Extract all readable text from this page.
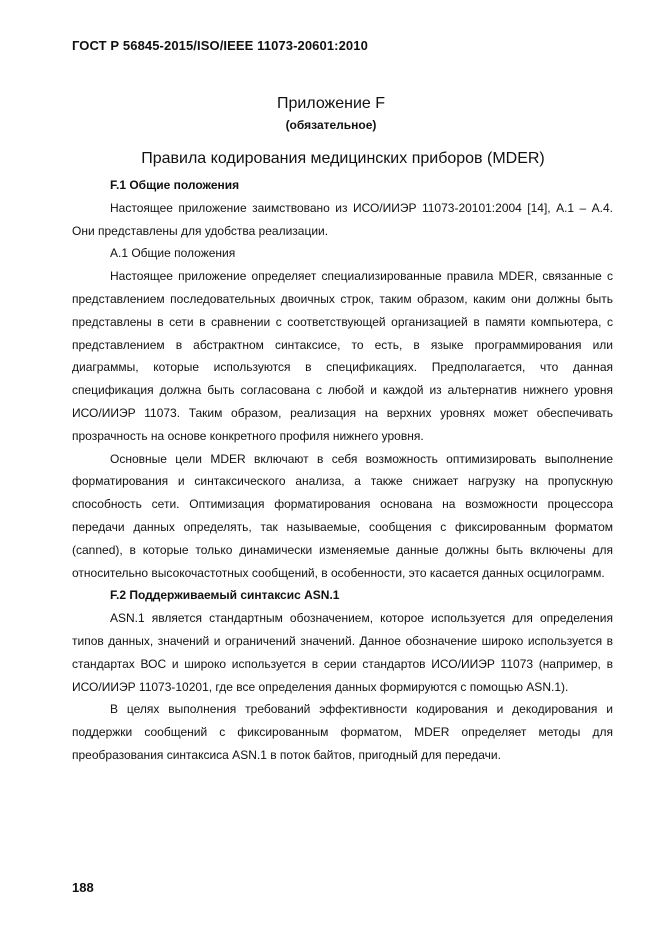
ГОСТ Р 56845-2015/ISO/IEEE 11073-20601:2010
Приложение F
(обязательное)
Правила кодирования медицинских приборов (MDER)
F.1 Общие положения

Настоящее приложение заимствовано из ИСО/ИИЭР 11073-20101:2004 [14], А.1 – А.4. Они представлены для удобства реализации.

А.1 Общие положения

Настоящее приложение определяет специализированные правила MDER, связанные с представлением последовательных двоичных строк, таким образом, каким они должны быть представлены в сети в сравнении с соответствующей организацией в памяти компьютера, с представлением в абстрактном синтаксисе, то есть, в языке программирования или диаграммы, которые используются в спецификациях. Предполагается, что данная спецификация должна быть согласована с любой и каждой из альтернатив нижнего уровня ИСО/ИИЭР 11073. Таким образом, реализация на верхних уровнях может обеспечивать прозрачность на основе конкретного профиля нижнего уровня.

Основные цели MDER включают в себя возможность оптимизировать выполнение форматирования и синтаксического анализа, а также снижает нагрузку на пропускную способность сети. Оптимизация форматирования основана на возможности процессора передачи данных определять, так называемые, сообщения с фиксированным форматом (canned), в которые только динамически изменяемые данные должны быть включены для относительно высокочастотных сообщений, в особенности, это касается данных осцилограмм.

F.2 Поддерживаемый синтаксис ASN.1

ASN.1 является стандартным обозначением, которое используется для определения типов данных, значений и ограничений значений. Данное обозначение широко используется в стандартах ВОС и широко используется в серии стандартов ИСО/ИИЭР 11073 (например, в ИСО/ИИЭР 11073-10201, где все определения данных формируются с помощью ASN.1).

В целях выполнения требований эффективности кодирования и декодирования и поддержки сообщений с фиксированным форматом, MDER определяет методы для преобразования синтаксиса ASN.1 в поток байтов, пригодный для передачи.

188
